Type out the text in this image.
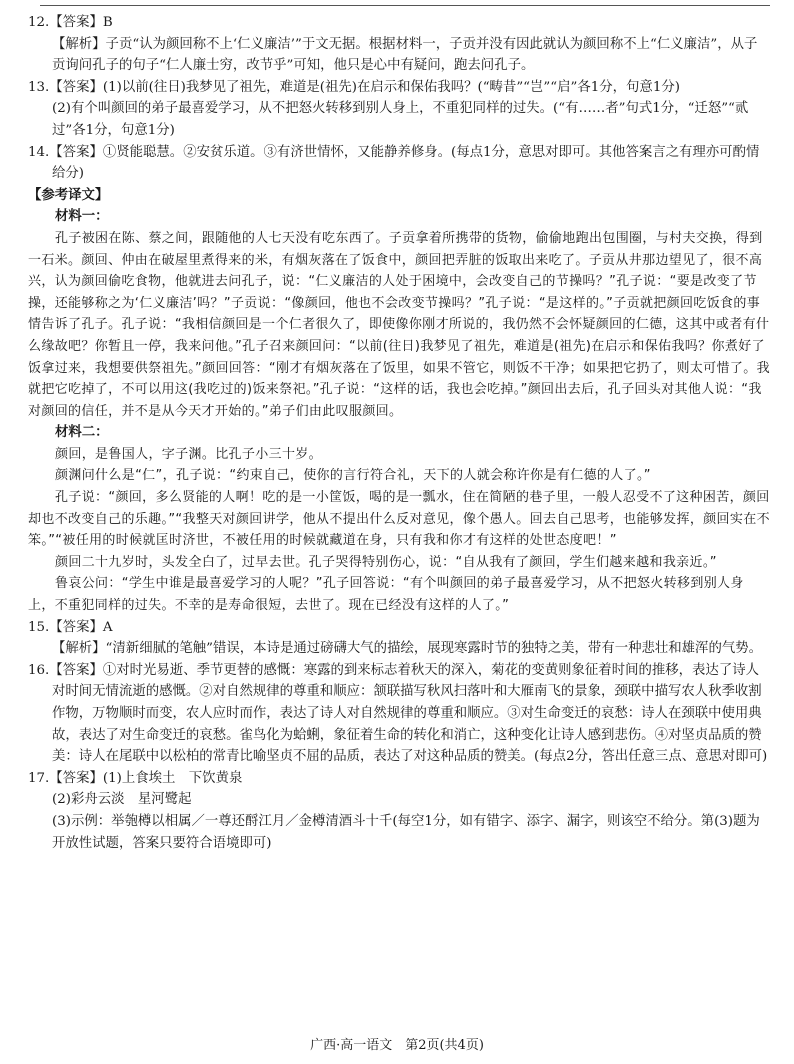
12.【答案】B

【解析】子贡“认为颜回称不上‘仁义廉洁’”于文无据。根据材料一，子贡并没有因此就认为颜回称不上“仁义廉洁”，从子贡询问孔子的句子“仁人廉士穷，改节乎”可知，他只是心中有疑问，跑去问孔子。

13.【答案】(1)以前(往日)我梦见了祖先，难道是(祖先)在启示和保佑我吗？(“畴昔”“岂”“启”各1分，句意1分)

(2)有个叫颜回的弟子最喜爱学习，从不把怒火转移到别人身上，不重犯同样的过失。(“有……者”句式1分，“迁怒”“贰过”各1分，句意1分)

14.【答案】①贤能聪慧。②安贫乐道。③有济世情怀，又能静养修身。(每点1分，意思对即可。其他答案言之有理亦可酌情给分)

【参考译文】

材料一：

孔子被困在陈、蔡之间，跟随他的人七天没有吃东西了。子贡拿着所携带的货物，偷偷地跑出包围圈，与村夫交换，得到一石米。颜回、仲由在破屋里煮得来的米，有烟灰落在了饭食中，颜回把弄脏的饭取出来吃了。子贡从井那边望见了，很不高兴，认为颜回偷吃食物，他就进去问孔子，说：“仁义廉洁的人处于困境中，会改变自己的节操吗？”孔子说：“要是改变了节操，还能够称之为‘仁义廉洁’吗？”子贡说：“像颜回，他也不会改变节操吗？”孔子说：“是这样的。”子贡就把颜回吃饭食的事情告诉了孔子。孔子说：“我相信颜回是一个仁者很久了，即使像你刚才所说的，我仍然不会怀疑颜回的仁德，这其中或者有什么缘故吧？你暂且一停，我来问他。”孔子召来颜回问：“以前(往日)我梦见了祖先，难道是(祖先)在启示和保佑我吗？你煮好了饭拿过来，我想要供祭祖先。”颜回回答：“刚才有烟灰落在了饭里，如果不管它，则饭不干净；如果把它扔了，则太可惜了。我就把它吃掉了，不可以用这(我吃过的)饭来祭祀。”孔子说：“这样的话，我也会吃掉。”颜回出去后，孔子回头对其他人说：“我对颜回的信任，并不是从今天才开始的。”弟子们由此叹服颜回。

材料二：

颜回，是鲁国人，字子渊。比孔子小三十岁。

颜渊问什么是“仁”，孔子说：“约束自己，使你的言行符合礼，天下的人就会称许你是有仁德的人了。”

孔子说：“颜回，多么贤能的人啊！吃的是一小筐饭，喝的是一瓢水，住在简陋的巷子里，一般人忍受不了这种困苦，颜回却也不改变自己的乐趣。”“我整天对颜回讲学，他从不提出什么反对意见，像个愚人。回去自己思考，也能够发挥，颜回实在不笨。”“被任用的时候就匡时济世，不被任用的时候就藏道在身，只有我和你才有这样的处世态度吧！”

颜回二十九岁时，头发全白了，过早去世。孔子哭得特别伤心，说：“自从我有了颜回，学生们越来越和我亲近。”

鲁哀公问：“学生中谁是最喜爱学习的人呢？”孔子回答说：“有个叫颜回的弟子最喜爱学习，从不把怒火转移到别人身上，不重犯同样的过失。不幸的是寿命很短，去世了。现在已经没有这样的人了。”

15.【答案】A

【解析】“清新细腻的笔触”错误，本诗是通过磅礴大气的描绘，展现寒露时节的独特之美，带有一种悲壮和雄浑的气势。

16.【答案】①对时光易逝、季节更替的感慨：寒露的到来标志着秋天的深入，菊花的变黄则象征着时间的推移，表达了诗人对时间无情流逝的感慨。②对自然规律的尊重和顺应：颔联描写秋风扫落叶和大雁南飞的景象，颈联中描写农人秋季收割作物，万物顺时而变，农人应时而作，表达了诗人对自然规律的尊重和顺应。③对生命变迁的哀愁：诗人在颈联中使用典故，表达了对生命变迁的哀愁。雀鸟化为蛤蜊，象征着生命的转化和消亡，这种变化让诗人感到悲伤。④对坚贞品质的赞美：诗人在尾联中以松柏的常青比喻坚贞不屈的品质，表达了对这种品质的赞美。(每点2分，答出任意三点、意思对即可)

17.【答案】(1)上食埃土　下饮黄泉

(2)彩舟云淡　星河鹭起

(3)示例：举匏樽以相属／一尊还酹江月／金樽清酒斗十千(每空1分，如有错字、添字、漏字，则该空不给分。第(3)题为开放性试题，答案只要符合语境即可)

广西·高一语文　第2页(共4页)
